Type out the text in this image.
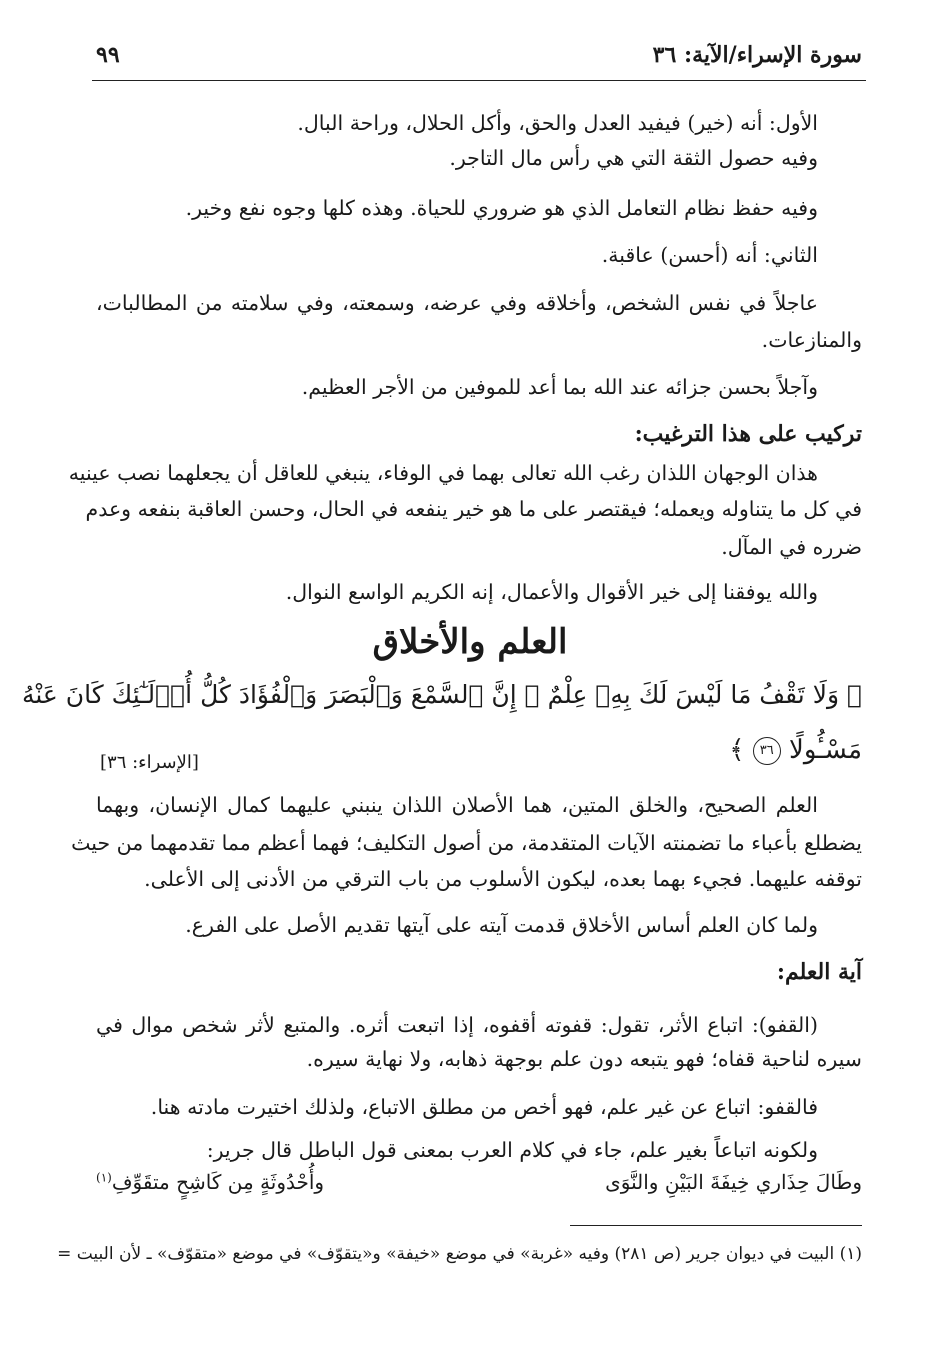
سورة الإسراء/الآية: ٣٦
٩٩
الأول: أنه (خير) فيفيد العدل والحق، وأكل الحلال، وراحة البال.
وفيه حصول الثقة التي هي رأس مال التاجر.
وفيه حفظ نظام التعامل الذي هو ضروري للحياة. وهذه كلها وجوه نفع وخير.
الثاني: أنه (أحسن) عاقبة.
عاجلاً في نفس الشخص، وأخلاقه وفي عرضه، وسمعته، وفي سلامته من المطالبات،
والمنازعات.
وآجلاً بحسن جزائه عند الله بما أعد للموفين من الأجر العظيم.
تركيب على هذا الترغيب:
هذان الوجهان اللذان رغب الله تعالى بهما في الوفاء، ينبغي للعاقل أن يجعلهما نصب عينيه
في كل ما يتناوله ويعمله؛ فيقتصر على ما هو خير ينفعه في الحال، وحسن العاقبة بنفعه وعدم
ضرره في المآل.
والله يوفقنا إلى خير الأقوال والأعمال، إنه الكريم الواسع النوال.
العلم والأخلاق
﴿ وَلَا تَقْفُ مَا لَيْسَ لَكَ بِهِۦ عِلْمٌ ۚ إِنَّ ٱلسَّمْعَ وَٱلْبَصَرَ وَٱلْفُؤَادَ كُلُّ أُو۟لَـٰٓئِكَ كَانَ عَنْهُ
مَسْـُٔولًا ٣٦ ﴾
[الإسراء: ٣٦]
العلم الصحيح، والخلق المتين، هما الأصلان اللذان ينبني عليهما كمال الإنسان، وبهما
يضطلع بأعباء ما تضمنته الآيات المتقدمة، من أصول التكليف؛ فهما أعظم مما تقدمهما من حيث
توقفه عليهما. فجيء بهما بعده، ليكون الأسلوب من باب الترقي من الأدنى إلى الأعلى.
ولما كان العلم أساس الأخلاق قدمت آيته على آيتها تقديم الأصل على الفرع.
آية العلم:
(القفو): اتباع الأثر، تقول: قفوته أقفوه، إذا اتبعت أثره. والمتبع لأثر شخص موال في
سيره لناحية قفاه؛ فهو يتبعه دون علم بوجهة ذهابه، ولا نهاية سيره.
فالقفو: اتباع عن غير علم، فهو أخص من مطلق الاتباع، ولذلك اختيرت مادته هنا.
ولكونه اتباعاً بغير علم، جاء في كلام العرب بمعنى قول الباطل قال جرير:
وطَالَ حِذَاري خِيفَةَ البَيْنِ والنَّوَى
وأُحْدُوثَةٍ مِن كَاشِحٍ متقَوِّفِ$^{(١)}$
(١) البيت في ديوان جرير (ص ٢٨١) وفيه «غربة» في موضع «خيفة» و«يتقوّف» في موضع «متقوّف» ـ لأن البيت =
